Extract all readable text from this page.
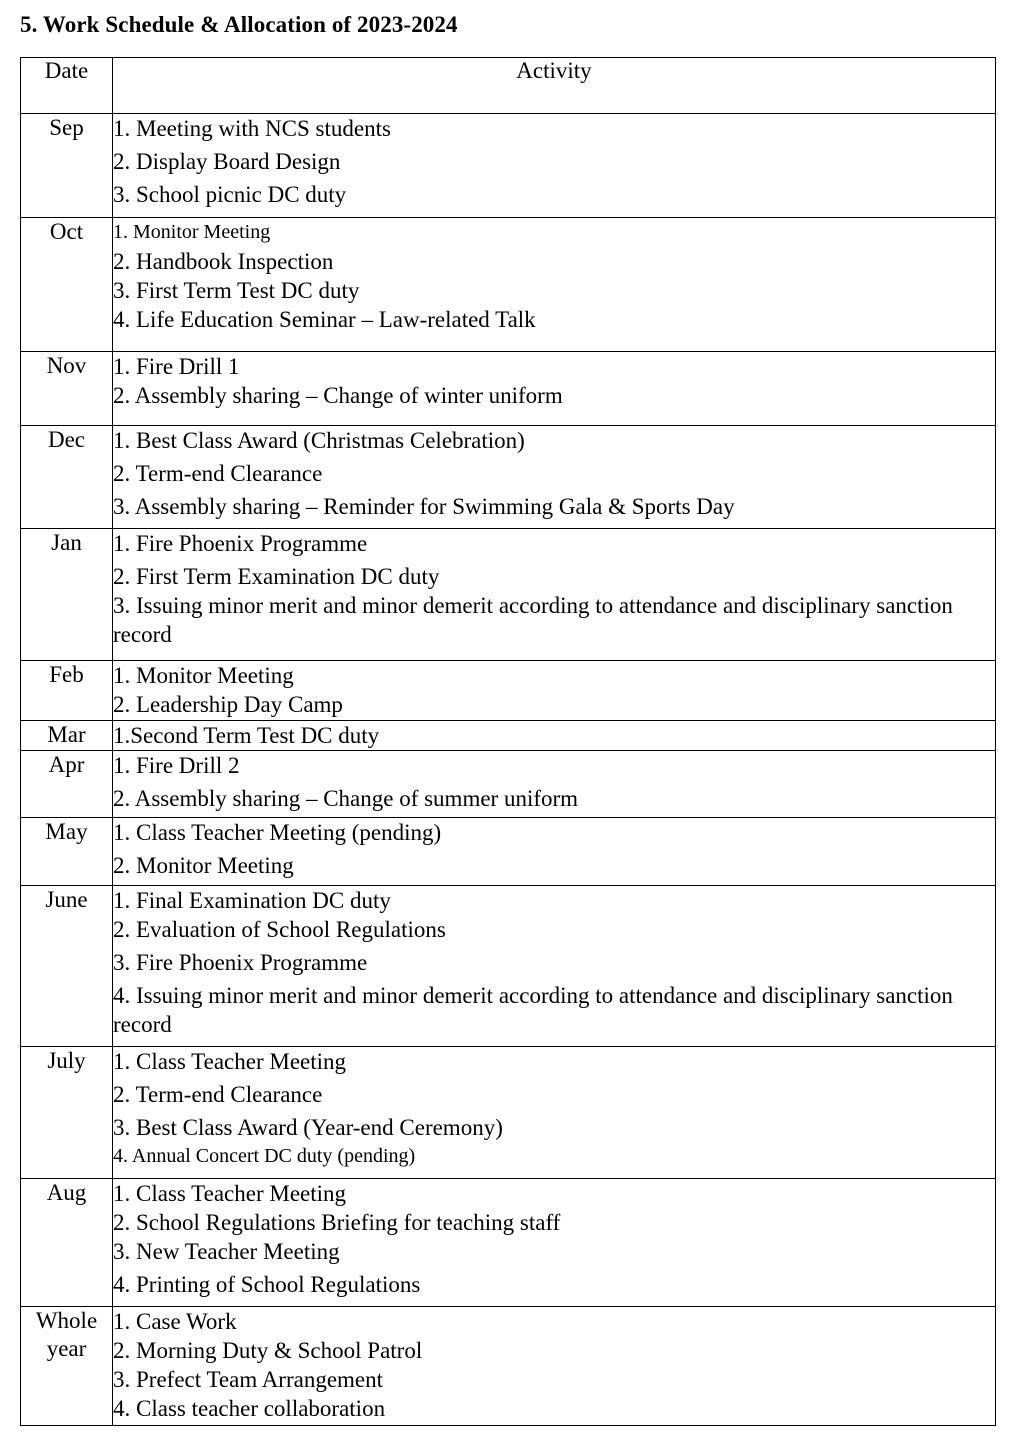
5. Work Schedule & Allocation of 2023-2024
Date	Activity
Sep	1. Meeting with NCS students
2. Display Board Design
3. School picnic DC duty

Oct	1. Monitor Meeting
2. Handbook Inspection
3. First Term Test DC duty
4. Life Education Seminar – Law-related Talk

Nov	1. Fire Drill 1
2. Assembly sharing – Change of winter uniform

Dec	1. Best Class Award (Christmas Celebration)
2. Term-end Clearance
3. Assembly sharing – Reminder for Swimming Gala & Sports Day

Jan	1. Fire Phoenix Programme
2. First Term Examination DC duty
3. Issuing minor merit and minor demerit according to attendance and disciplinary sanction record

Feb	1. Monitor Meeting
2. Leadership Day Camp

Mar	1.Second Term Test DC duty

Apr	1. Fire Drill 2
2. Assembly sharing – Change of summer uniform

May	1. Class Teacher Meeting (pending)
2. Monitor Meeting

June	1. Final Examination DC duty
2. Evaluation of School Regulations
3. Fire Phoenix Programme
4. Issuing minor merit and minor demerit according to attendance and disciplinary sanction record

July	1. Class Teacher Meeting
2. Term-end Clearance
3. Best Class Award (Year-end Ceremony)
4. Annual Concert DC duty (pending)

Aug	1. Class Teacher Meeting
2. School Regulations Briefing for teaching staff
3. New Teacher Meeting
4. Printing of School Regulations

Whole year	1. Case Work
2. Morning Duty & School Patrol
3. Prefect Team Arrangement
4. Class teacher collaboration
